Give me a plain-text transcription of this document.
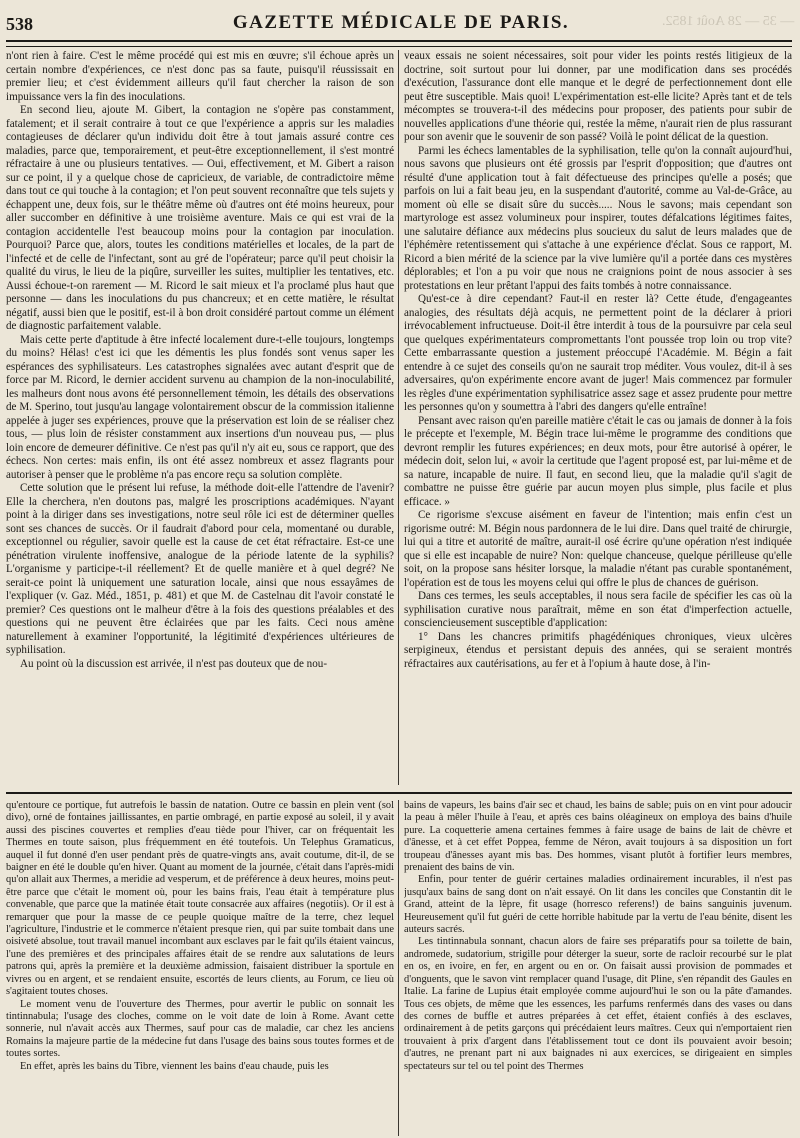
538	GAZETTE MÉDICALE DE PARIS.	— 35 — 28 Août 1852.

n'ont rien à faire. C'est le même procédé qui est mis en œuvre; s'il échoue après un certain nombre d'expériences, ce n'est donc pas sa faute, puisqu'il réussissait en premier lieu; et c'est évidemment ailleurs qu'il faut chercher la raison de son impuissance vers la fin des inoculations.

En second lieu, ajoute M. Gibert, la contagion ne s'opère pas constamment, fatalement; et il serait contraire à tout ce que l'expérience a appris sur les maladies contagieuses de déclarer qu'un individu doit être à tout jamais assuré contre ces maladies, parce que, temporairement, et peut-être exceptionnellement, il s'est montré réfractaire à une ou plusieurs tentatives. — Oui, effectivement, et M. Gibert a raison sur ce point, il y a quelque chose de capricieux, de variable, de contradictoire même dans tout ce qui touche à la contagion; et l'on peut souvent reconnaître que tels sujets y échappent une, deux fois, sur le théâtre même où d'autres ont été moins heureux, pour aller succomber en définitive à une troisième aventure. Mais ce qui est vrai de la contagion accidentelle l'est beaucoup moins pour la contagion par inoculation. Pourquoi? Parce que, alors, toutes les conditions matérielles et locales, de la part de l'infecté et de celle de l'infectant, sont au gré de l'opérateur; parce qu'il peut choisir la qualité du virus, le lieu de la piqûre, surveiller les suites, multiplier les tentatives, etc. Aussi échoue-t-on rarement — M. Ricord le sait mieux et l'a proclamé plus haut que personne — dans les inoculations du pus chancreux; et en cette matière, le résultat négatif, aussi bien que le positif, est-il à bon droit considéré partout comme un élément de diagnostic parfaitement valable.

Mais cette perte d'aptitude à être infecté localement dure-t-elle toujours, longtemps du moins? Hélas! c'est ici que les démentis les plus fondés sont venus saper les espérances des syphilisateurs. Les catastrophes signalées avec autant d'esprit que de force par M. Ricord, le dernier accident survenu au champion de la non-inoculabilité, les malheurs dont nous avons été personnellement témoin, les détails des observations de M. Sperino, tout jusqu'au langage volontairement obscur de la commission italienne appelée à juger ses expériences, prouve que la préservation est loin de se réaliser chez tous, — plus loin de résister constamment aux insertions d'un nouveau pus, — plus loin encore de demeurer définitive. Ce n'est pas qu'il n'y ait eu, sous ce rapport, que des échecs. Non certes: mais enfin, ils ont été assez nombreux et assez flagrants pour autoriser à penser que le problème n'a pas encore reçu sa solution complète.

Cette solution que le présent lui refuse, la méthode doit-elle l'attendre de l'avenir? Elle la cherchera, n'en doutons pas, malgré les proscriptions académiques. N'ayant point à la diriger dans ses investigations, notre seul rôle ici est de déterminer quelles sont ses chances de succès. Or il faudrait d'abord pour cela, momentané ou durable, exceptionnel ou régulier, savoir quelle est la cause de cet état réfractaire. Est-ce une pénétration virulente inoffensive, analogue de la période latente de la syphilis? L'organisme y participe-t-il réellement? Et de quelle manière et à quel degré? Ne serait-ce point là uniquement une saturation locale, ainsi que nous essayâmes de l'expliquer (v. Gaz. Méd., 1851, p. 481) et que M. de Castelnau dit l'avoir constaté le premier? Ces questions ont le malheur d'être à la fois des questions préalables et des questions qui ne peuvent être éclairées que par les faits. Ceci nous amène naturellement à examiner l'opportunité, la légitimité d'expériences ultérieures de syphilisation.

Au point où la discussion est arrivée, il n'est pas douteux que de nou-

veaux essais ne soient nécessaires, soit pour vider les points restés litigieux de la doctrine, soit surtout pour lui donner, par une modification dans ses procédés d'exécution, l'assurance dont elle manque et le degré de perfectionnement dont elle peut être susceptible. Mais quoi! L'expérimentation est-elle licite? Après tant et de tels mécomptes se trouvera-t-il des médecins pour proposer, des patients pour subir de nouvelles applications d'une théorie qui, restée la même, n'aurait rien de plus rassurant pour son avenir que le souvenir de son passé? Voilà le point délicat de la question.

Parmi les échecs lamentables de la syphilisation, telle qu'on la connaît aujourd'hui, nous savons que plusieurs ont été grossis par l'esprit d'opposition; que d'autres ont résulté d'une application tout à fait défectueuse des principes qu'elle a posés; que parfois on lui a fait beau jeu, en la suspendant d'autorité, comme au Val-de-Grâce, au moment où elle se disait sûre du succès..... Nous le savons; mais cependant son martyrologe est assez volumineux pour inspirer, toutes défalcations légitimes faites, une salutaire défiance aux médecins plus soucieux du salut de leurs malades que de l'éphémère retentissement qui s'attache à une expérience d'éclat. Sous ce rapport, M. Ricord a bien mérité de la science par la vive lumière qu'il a portée dans ces mystères déplorables; et l'on a pu voir que nous ne craignions point de nous associer à ses protestations en leur prêtant l'appui des faits tombés à notre connaissance.

Qu'est-ce à dire cependant? Faut-il en rester là? Cette étude, d'engageantes analogies, des résultats déjà acquis, ne permettent point de la déclarer à priori irrévocablement infructueuse. Doit-il être interdit à tous de la poursuivre par cela seul que quelques expérimentateurs compromettants l'ont poussée trop loin ou trop vite? Cette embarrassante question a justement préoccupé l'Académie. M. Bégin a fait entendre à ce sujet des conseils qu'on ne saurait trop méditer. Vous voulez, dit-il à ses adversaires, qu'on expérimente encore avant de juger! Mais commencez par formuler les règles d'une expérimentation syphilisatrice assez sage et assez prudente pour mettre les personnes qu'on y soumettra à l'abri des dangers qu'elle entraîne!

Pensant avec raison qu'en pareille matière c'était le cas ou jamais de donner à la fois le précepte et l'exemple, M. Bégin trace lui-même le programme des conditions que devront remplir les futures expériences; en deux mots, pour être autorisé à opérer, le médecin doit, selon lui, « avoir la certitude que l'agent proposé est, par lui-même et de sa nature, incapable de nuire. Il faut, en second lieu, que la maladie qu'il s'agit de combattre ne puisse être guérie par aucun moyen plus simple, plus facile et plus efficace. »

Ce rigorisme s'excuse aisément en faveur de l'intention; mais enfin c'est un rigorisme outré: M. Bégin nous pardonnera de le lui dire. Dans quel traité de chirurgie, lui qui a titre et autorité de maître, aurait-il osé écrire qu'une opération n'est indiquée que si elle est incapable de nuire? Non: quelque chanceuse, quelque périlleuse qu'elle soit, on la propose sans hésiter lorsque, la maladie n'étant pas curable spontanément, l'opération est de tous les moyens celui qui offre le plus de chances de guérison.

Dans ces termes, les seuls acceptables, il nous sera facile de spécifier les cas où la syphilisation curative nous paraîtrait, même en son état d'imperfection actuelle, consciencieusement susceptible d'application:

1° Dans les chancres primitifs phagédéniques chroniques, vieux ulcères serpigineux, étendus et persistant depuis des années, qui se seraient montrés réfractaires aux cautérisations, au fer et à l'opium à haute dose, à l'in-

qu'entoure ce portique, fut autrefois le bassin de natation. Outre ce bassin en plein vent (sol divo), orné de fontaines jaillissantes, en partie ombragé, en partie exposé au soleil, il y avait aussi des piscines couvertes et remplies d'eau tiède pour l'hiver, car on fréquentait les Thermes en toute saison, plus fréquemment en été toutefois. Un Telephus Gramaticus, auquel il fut donné d'en user pendant près de quatre-vingts ans, avait coutume, dit-il, de se baigner en été le double qu'en hiver. Quant au moment de la journée, c'était dans l'après-midi qu'on allait aux Thermes, a meridie ad vesperum, et de préférence à deux heures, moins peut-être parce que c'était le moment où, pour les bains frais, l'eau était à température plus convenable, que parce que la matinée était toute consacrée aux affaires (negotiis). Or il est à remarquer que pour la masse de ce peuple quoique maître de la terre, chez lequel l'agriculture, l'industrie et le commerce n'étaient presque rien, qui par suite tombait dans une oisiveté absolue, tout travail manuel incombant aux esclaves par le fait qu'ils étaient vaincus, l'une des premières et des principales affaires était de se rendre aux salutations de leurs patrons qui, après la première et la deuxième admission, faisaient distribuer la sportule en vivres ou en argent, et se rendaient ensuite, escortés de leurs clients, au Forum, ce lieu où s'agitaient toutes choses.

Le moment venu de l'ouverture des Thermes, pour avertir le public on sonnait les tintinnabula; l'usage des cloches, comme on le voit date de loin à Rome. Avant cette sonnerie, nul n'avait accès aux Thermes, sauf pour cas de maladie, car chez les anciens Romains la majeure partie de la médecine fut dans l'usage des bains sous toutes formes et de toutes sortes.

En effet, après les bains du Tibre, viennent les bains d'eau chaude, puis les

bains de vapeurs, les bains d'air sec et chaud, les bains de sable; puis on en vint pour adoucir la peau à mêler l'huile à l'eau, et après ces bains oléagineux on employa des bains d'huile pure. La coquetterie amena certaines femmes à faire usage de bains de lait de chèvre et d'ânesse, et à cet effet Poppea, femme de Néron, avait toujours à sa disposition un fort troupeau d'ânesses ayant mis bas. Des hommes, visant plutôt à fortifier leurs membres, prenaient des bains de vin.

Enfin, pour tenter de guérir certaines maladies ordinairement incurables, il n'est pas jusqu'aux bains de sang dont on n'ait essayé. On lit dans les conciles que Constantin dit le Grand, atteint de la lèpre, fit usage (horresco referens!) de bains sanguinis juvenum. Heureusement qu'il fut guéri de cette horrible habitude par la vertu de l'eau bénite, disent les auteurs sacrés.

Les tintinnabula sonnant, chacun alors de faire ses préparatifs pour sa toilette de bain, andromede, sudatorium, strigille pour déterger la sueur, sorte de racloir recourbé sur le plat en os, en ivoire, en fer, en argent ou en or. On faisait aussi provision de pommades et d'onguents, que le savon vint remplacer quand l'usage, dit Pline, s'en répandit des Gaules en Italie. La farine de Lupius était employée comme aujourd'hui le son ou la pâte d'amandes. Tous ces objets, de même que les essences, les parfums renfermés dans des vases ou dans des cornes de buffle et autres préparées à cet effet, étaient confiés à des esclaves, ordinairement à de petits garçons qui précédaient leurs maîtres. Ceux qui n'emportaient rien trouvaient à prix d'argent dans l'établissement tout ce dont ils pouvaient avoir besoin; d'autres, ne prenant part ni aux baignades ni aux exercices, se dirigeaient en simples spectateurs sur tel ou tel point des Thermes
